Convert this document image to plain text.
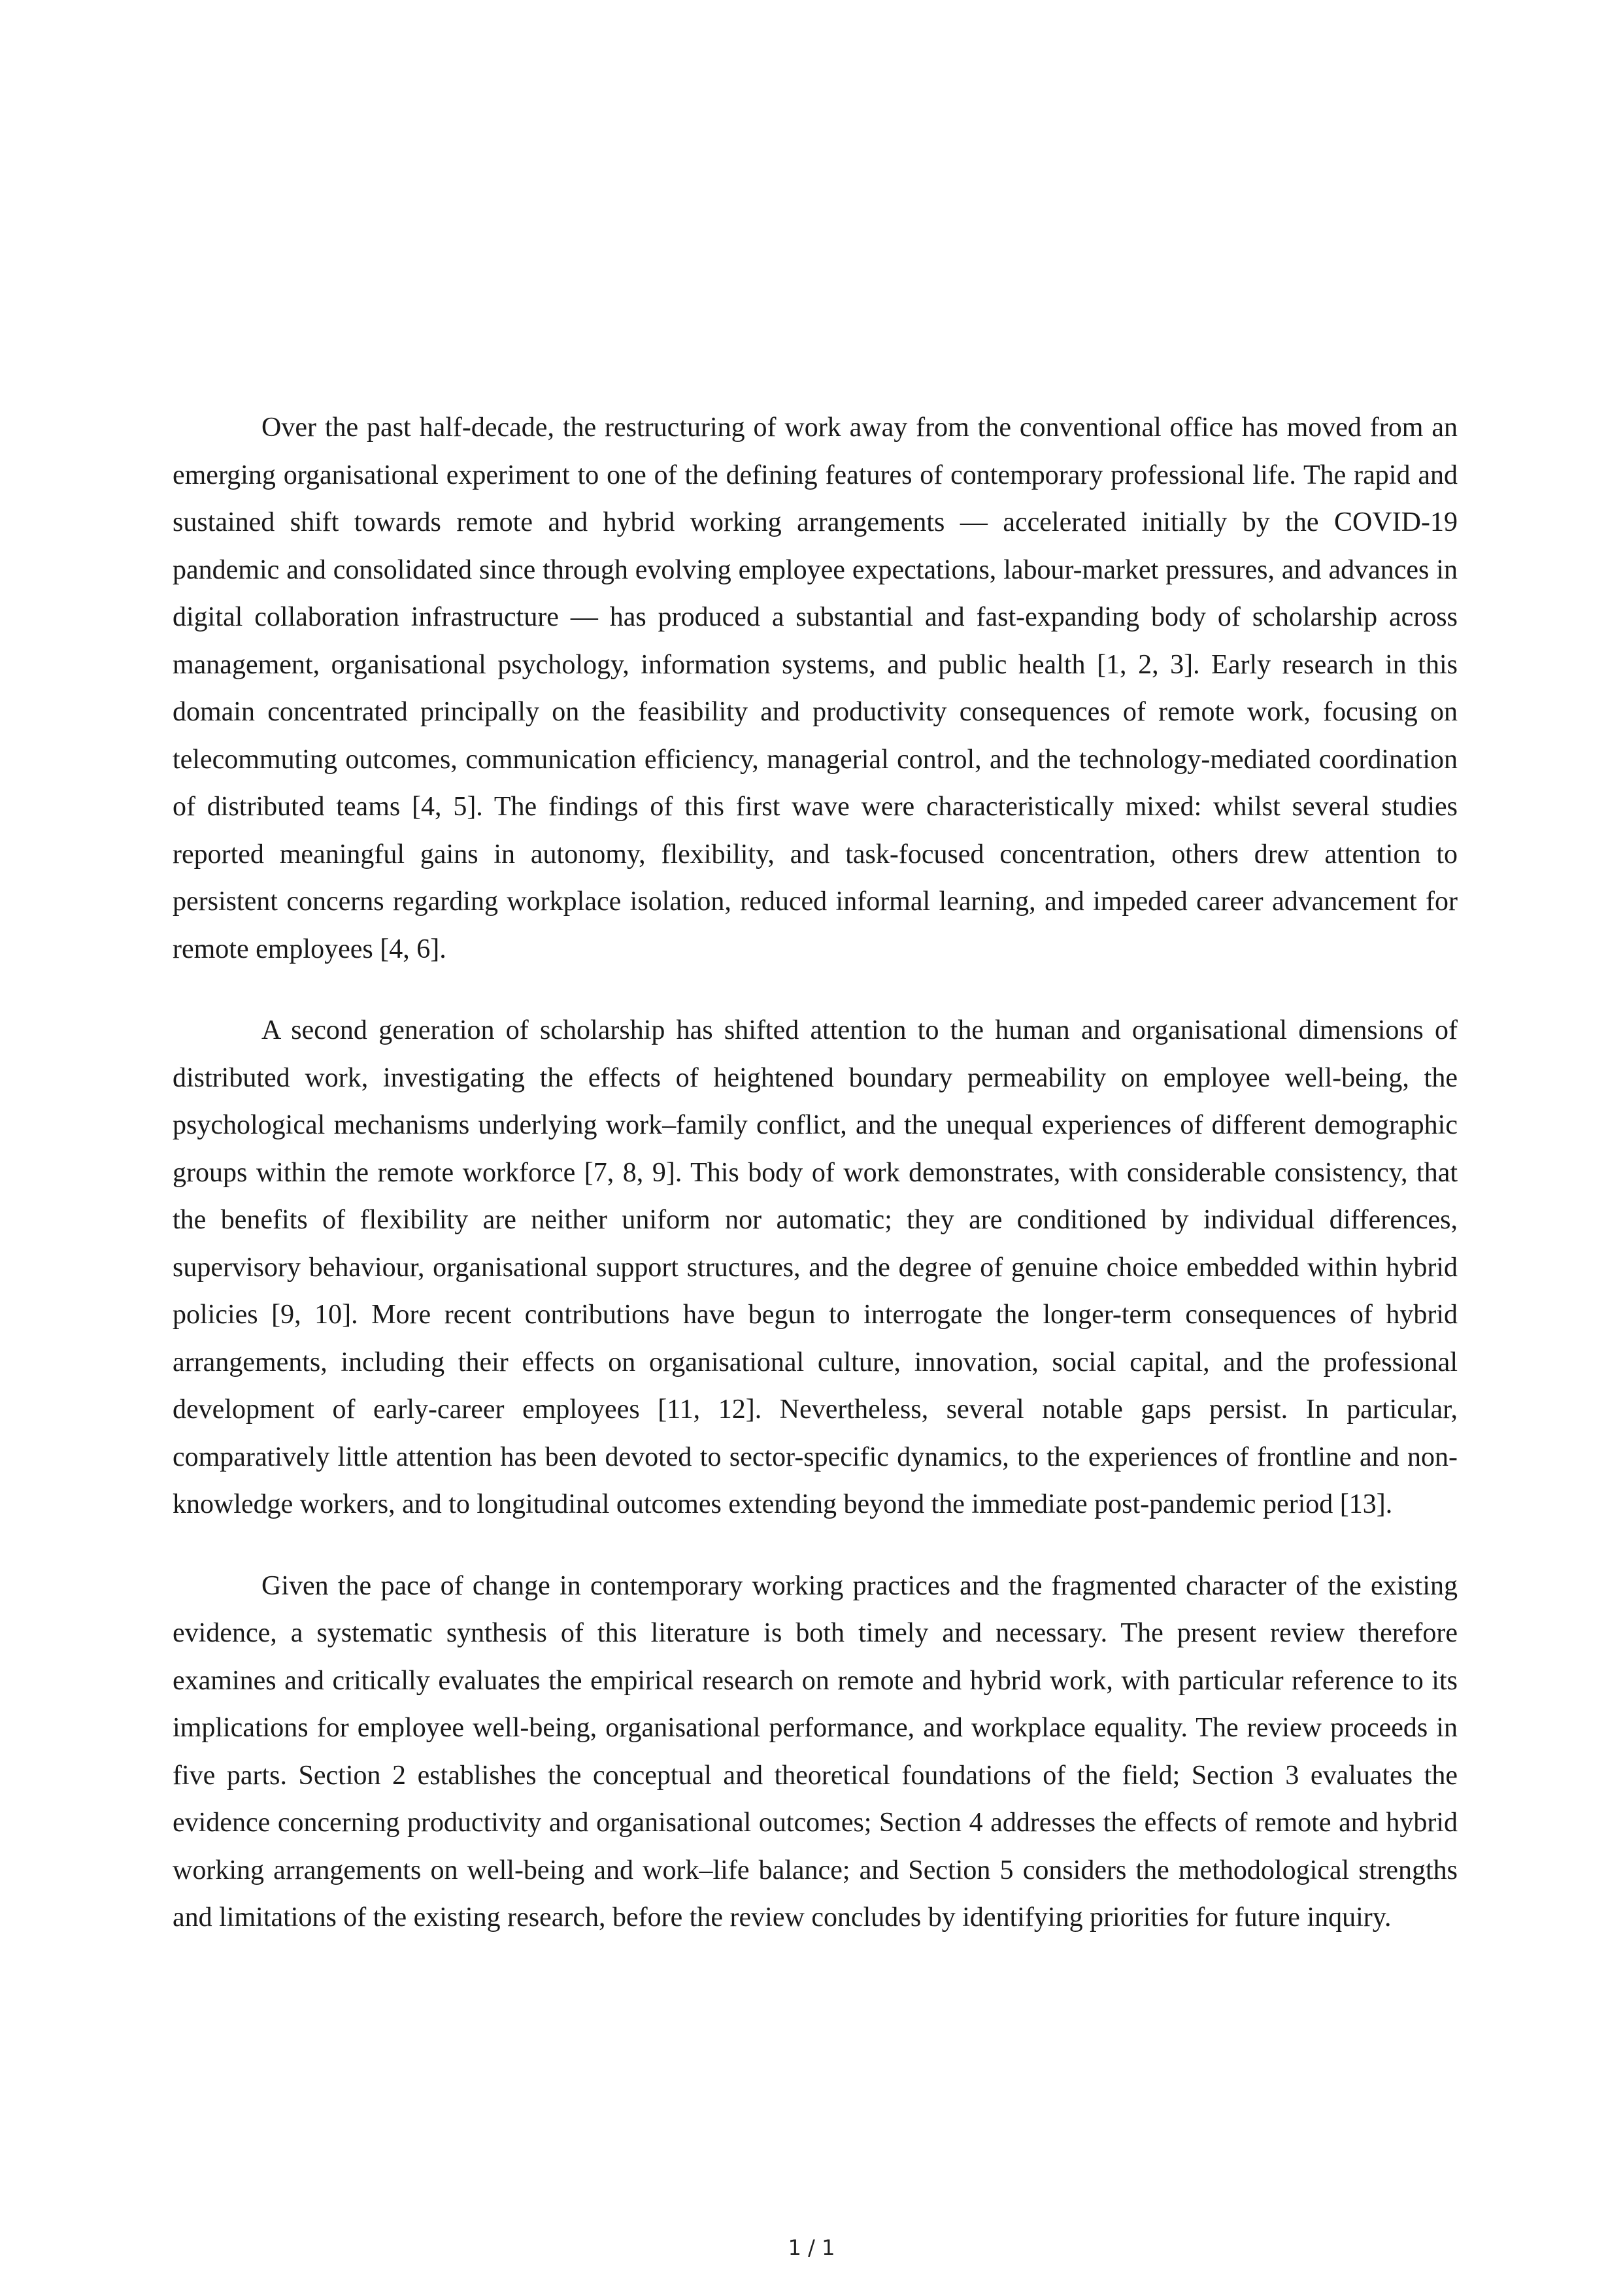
Over the past half-decade, the restructuring of work away from the conventional office has moved from an emerging organisational experiment to one of the defining features of contemporary professional life. The rapid and sustained shift towards remote and hybrid working arrangements — accelerated initially by the COVID-19 pandemic and consolidated since through evolving employee expectations, labour-market pressures, and advances in digital collaboration infrastructure — has produced a substantial and fast-expanding body of scholarship across management, organisational psychology, information systems, and public health [1, 2, 3]. Early research in this domain concentrated principally on the feasibility and productivity consequences of remote work, focusing on telecommuting outcomes, communication efficiency, managerial control, and the technology-mediated coordination of distributed teams [4, 5]. The findings of this first wave were characteristically mixed: whilst several studies reported meaningful gains in autonomy, flexibility, and task-focused concentration, others drew attention to persistent concerns regarding workplace isolation, reduced informal learning, and impeded career advancement for remote employees [4, 6].

A second generation of scholarship has shifted attention to the human and organisational dimensions of distributed work, investigating the effects of heightened boundary permeability on employee well-being, the psychological mechanisms underlying work–family conflict, and the unequal experiences of different demographic groups within the remote workforce [7, 8, 9]. This body of work demonstrates, with considerable consistency, that the benefits of flexibility are neither uniform nor automatic; they are conditioned by individual differences, supervisory behaviour, organisational support structures, and the degree of genuine choice embedded within hybrid policies [9, 10]. More recent contributions have begun to interrogate the longer-term consequences of hybrid arrangements, including their effects on organisational culture, innovation, social capital, and the professional development of early-career employees [11, 12]. Nevertheless, several notable gaps persist. In particular, comparatively little attention has been devoted to sector-specific dynamics, to the experiences of frontline and non-knowledge workers, and to longitudinal outcomes extending beyond the immediate post-pandemic period [13].

Given the pace of change in contemporary working practices and the fragmented character of the existing evidence, a systematic synthesis of this literature is both timely and necessary. The present review therefore examines and critically evaluates the empirical research on remote and hybrid work, with particular reference to its implications for employee well-being, organisational performance, and workplace equality. The review proceeds in five parts. Section 2 establishes the conceptual and theoretical foundations of the field; Section 3 evaluates the evidence concerning productivity and organisational outcomes; Section 4 addresses the effects of remote and hybrid working arrangements on well-being and work–life balance; and Section 5 considers the methodological strengths and limitations of the existing research, before the review concludes by identifying priorities for future inquiry.

1 / 1
